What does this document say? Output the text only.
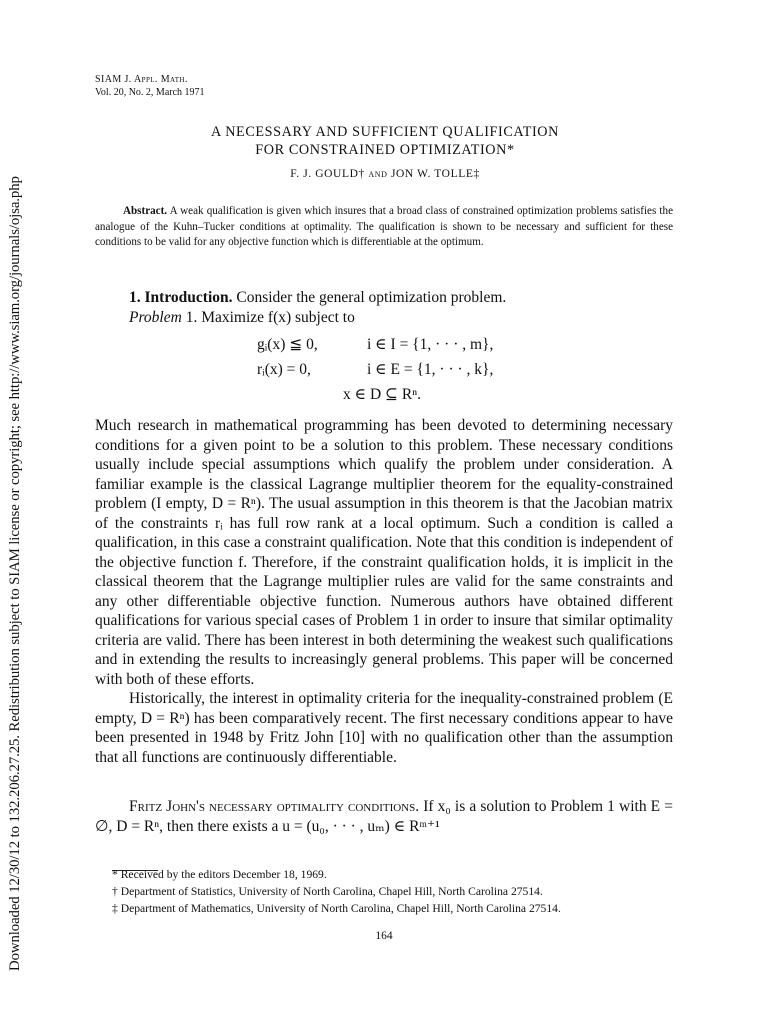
Downloaded 12/30/12 to 132.206.27.25. Redistribution subject to SIAM license or copyright; see http://www.siam.org/journals/ojsa.php
SIAM J. Appl. Math.
Vol. 20, No. 2, March 1971
A NECESSARY AND SUFFICIENT QUALIFICATION
FOR CONSTRAINED OPTIMIZATION*
F. J. GOULD† and JON W. TOLLE‡
Abstract. A weak qualification is given which insures that a broad class of constrained optimization problems satisfies the analogue of the Kuhn–Tucker conditions at optimality. The qualification is shown to be necessary and sufficient for these conditions to be valid for any objective function which is differentiable at the optimum.
1. Introduction. Consider the general optimization problem.
Problem 1. Maximize f(x) subject to
gᵢ(x) ≦ 0,	i ∈ I = {1, · · · , m},
rᵢ(x) = 0,	i ∈ E = {1, · · · , k},
x ∈ D ⊆ Rⁿ.

Much research in mathematical programming has been devoted to determining necessary conditions for a given point to be a solution to this problem. These necessary conditions usually include special assumptions which qualify the problem under consideration. A familiar example is the classical Lagrange multiplier theorem for the equality-constrained problem (I empty, D = Rⁿ). The usual assumption in this theorem is that the Jacobian matrix of the constraints rᵢ has full row rank at a local optimum. Such a condition is called a qualification, in this case a constraint qualification. Note that this condition is independent of the objective function f. Therefore, if the constraint qualification holds, it is implicit in the classical theorem that the Lagrange multiplier rules are valid for the same constraints and any other differentiable objective function. Numerous authors have obtained different qualifications for various special cases of Problem 1 in order to insure that similar optimality criteria are valid. There has been interest in both determining the weakest such qualifications and in extending the results to increasingly general problems. This paper will be concerned with both of these efforts.

Historically, the interest in optimality criteria for the inequality-constrained problem (E empty, D = Rⁿ) has been comparatively recent. The first necessary conditions appear to have been presented in 1948 by Fritz John [10] with no qualification other than the assumption that all functions are continuously differentiable.

Fritz John's necessary optimality conditions. If x₀ is a solution to Problem 1 with E = ∅, D = Rⁿ, then there exists a u = (u₀, · · · , uₘ) ∈ Rᵐ⁺¹

* Received by the editors December 18, 1969.
† Department of Statistics, University of North Carolina, Chapel Hill, North Carolina 27514.
‡ Department of Mathematics, University of North Carolina, Chapel Hill, North Carolina 27514.
164
